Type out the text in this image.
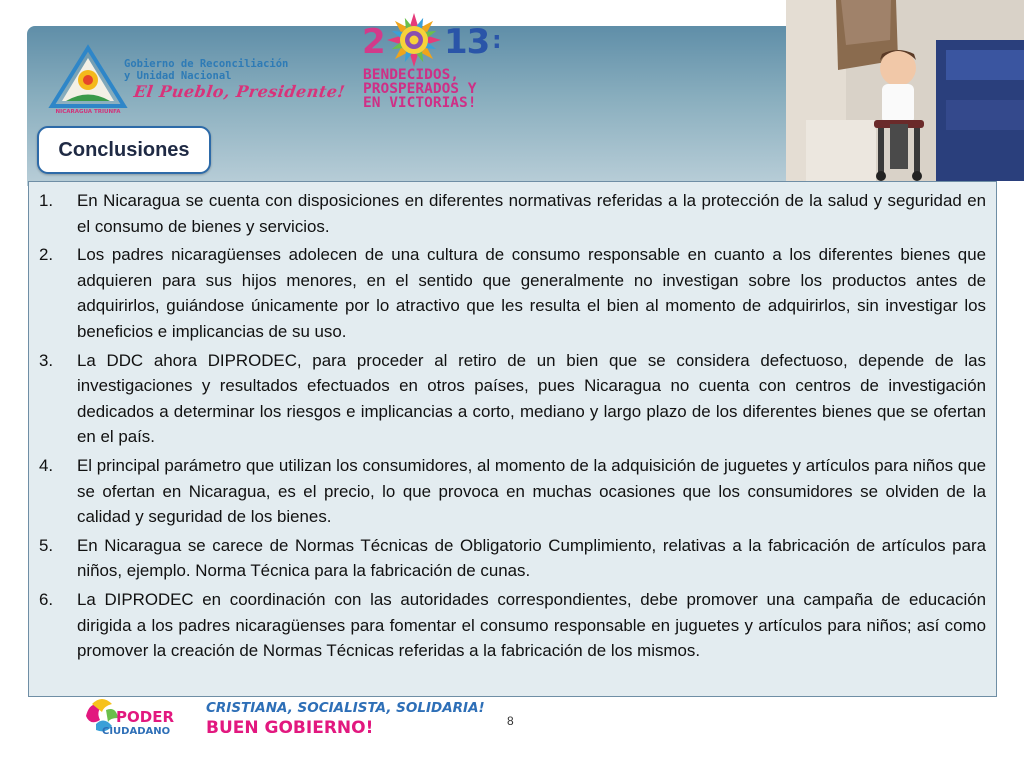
NICARAGUA TRIUNFA
Gobierno de Reconciliación
y Unidad Nacional
El Pueblo, Presidente!
2 13 :
BENDECIDOS,
PROSPERADOS Y
EN VICTORIAS!
Conclusiones
1.	En Nicaragua se cuenta con disposiciones en diferentes normativas referidas a la protección de la salud y seguridad en el consumo de bienes y servicios.
2.	Los padres nicaragüenses adolecen de una cultura de consumo responsable en cuanto a los diferentes bienes que adquieren para sus hijos menores, en el sentido que generalmente no investigan sobre los productos antes de adquirirlos, guiándose únicamente por lo atractivo que les resulta el bien al momento de adquirirlos, sin investigar los beneficios e implicancias de su uso.
3.	La DDC ahora DIPRODEC, para proceder al retiro de un bien que se considera defectuoso, depende de las investigaciones y resultados efectuados en otros países, pues Nicaragua no cuenta con centros de investigación dedicados a determinar los riesgos e implicancias a corto, mediano y largo plazo de los diferentes bienes que se ofertan en el país.
4.	El principal parámetro que utilizan los consumidores, al momento de la adquisición de juguetes y artículos para niños que se ofertan en Nicaragua, es el precio, lo que provoca en muchas ocasiones que los consumidores se olviden de la calidad y seguridad de los bienes.
5.	En Nicaragua se carece de Normas Técnicas de Obligatorio Cumplimiento, relativas a la fabricación de artículos para niños, ejemplo. Norma Técnica para la fabricación de cunas.
6.	La DIPRODEC en coordinación con las autoridades correspondientes, debe promover una campaña de educación dirigida a los padres nicaragüenses para fomentar el consumo responsable en juguetes y artículos para niños; así como promover la creación de Normas Técnicas referidas a la fabricación de los mismos.
PODER
CIUDADANO
CRISTIANA, SOCIALISTA, SOLIDARIA!
BUEN GOBIERNO!	8
